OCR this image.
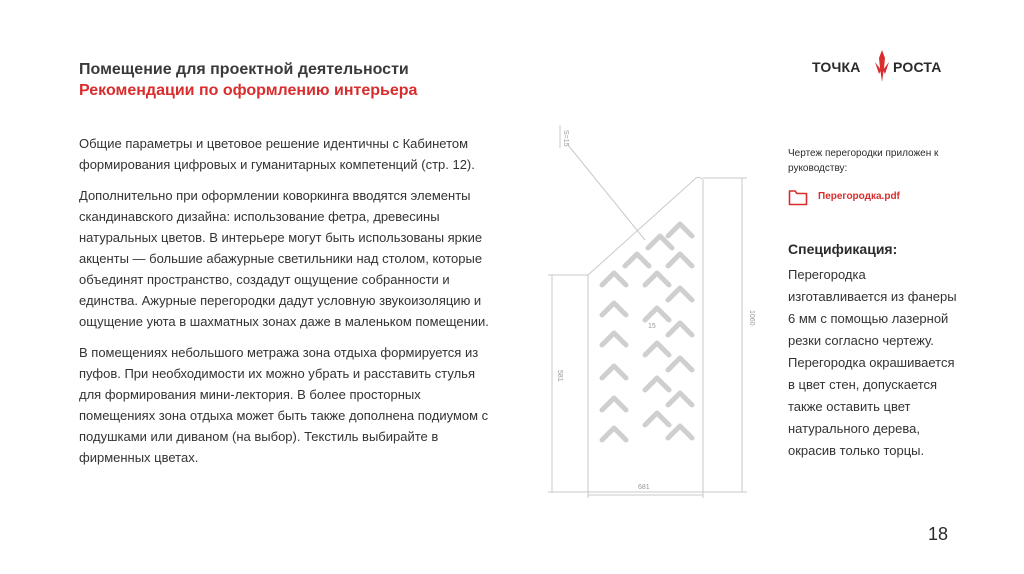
Помещение для проектной деятельности
Рекомендации по оформлению интерьера
ТОЧКА РОСТА

Общие параметры и цветовое решение идентичны с Кабинетом формирования цифровых и гуманитарных компетенций (стр. 12).

Дополнительно при оформлении коворкинга вводятся элементы скандинавского дизайна: использование фетра, древесины натуральных цветов. В интерьере могут быть использованы яркие акценты — большие абажурные светильники над столом, которые объединят пространство, создадут ощущение собранности и единства. Ажурные перегородки дадут условную звукоизоляцию и ощущение уюта в шахматных зонах даже в маленьком помещении.

В помещениях небольшого метража зона отдыха формируется из пуфов. При необходимости их можно убрать и расставить стулья для формирования мини-лектория. В более просторных помещениях зона отдыха может быть также дополнена подиумом с подушками или диваном (на выбор). Текстиль выбирайте в фирменных цветах.

S=15
1060
581
681
15
Чертеж перегородки приложен к руководству:
Перегородка.pdf
Спецификация:
Перегородка изготавливается из фанеры 6 мм с помощью лазерной резки согласно чертежу. Перегородка окрашивается в цвет стен, допускается также оставить цвет натурального дерева, окрасив только торцы.
18
